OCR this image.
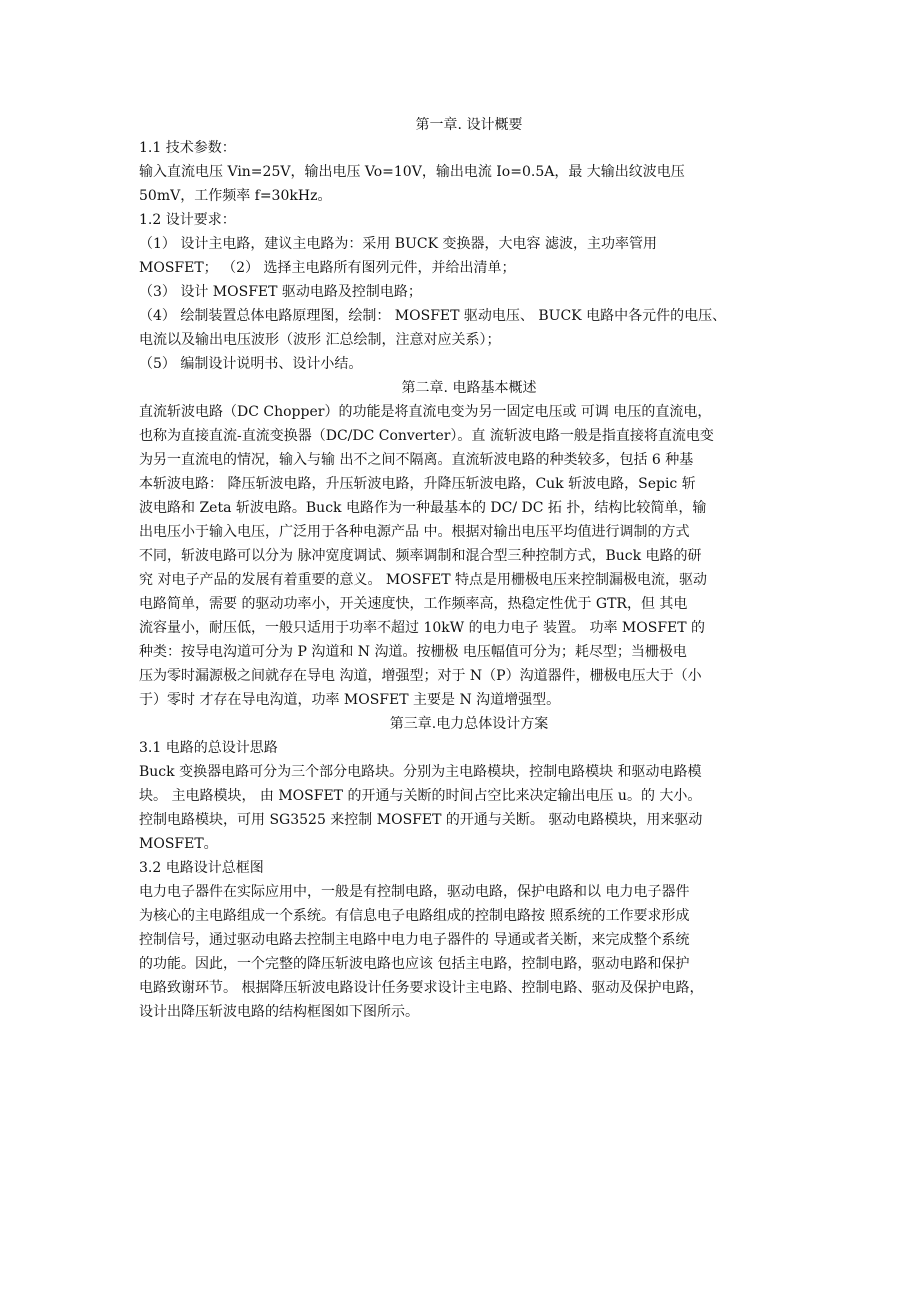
第一章. 设计概要
1.1 技术参数：
输入直流电压 Vin=25V，输出电压 Vo=10V，输出电流 Io=0.5A，最 大输出纹波电压
50mV，工作频率 f=30kHz。
1.2 设计要求：
（1） 设计主电路，建议主电路为：采用 BUCK 变换器，大电容 滤波，主功率管用
MOSFET； （2） 选择主电路所有图列元件，并给出清单；
（3） 设计 MOSFET 驱动电路及控制电路；
（4） 绘制装置总体电路原理图，绘制： MOSFET 驱动电压、 BUCK 电路中各元件的电压、
电流以及输出电压波形（波形 汇总绘制，注意对应关系）；
（5） 编制设计说明书、设计小结。
第二章. 电路基本概述
直流斩波电路（DC Chopper）的功能是将直流电变为另一固定电压或 可调 电压的直流电，
也称为直接直流-直流变换器（DC/DC Converter）。直 流斩波电路一般是指直接将直流电变
为另一直流电的情况，输入与输 出不之间不隔离。直流斩波电路的种类较多，包括 6 种基
本斩波电路： 降压斩波电路，升压斩波电路，升降压斩波电路，Cuk 斩波电路，Sepic 斩
波电路和 Zeta 斩波电路。Buck 电路作为一种最基本的 DC/ DC 拓 扑，结构比较简单，输
出电压小于输入电压，广泛用于各种电源产品 中。根据对输出电压平均值进行调制的方式
不同，斩波电路可以分为 脉冲宽度调试、频率调制和混合型三种控制方式，Buck 电路的研
究 对电子产品的发展有着重要的意义。 MOSFET 特点是用栅极电压来控制漏极电流，驱动
电路简单，需要 的驱动功率小，开关速度快，工作频率高，热稳定性优于 GTR，但 其电
流容量小，耐压低，一般只适用于功率不超过 10kW 的电力电子 装置。 功率 MOSFET 的
种类：按导电沟道可分为 P 沟道和 N 沟道。按栅极 电压幅值可分为；耗尽型；当栅极电
压为零时漏源极之间就存在导电 沟道，增强型；对于 N（P）沟道器件，栅极电压大于（小
于）零时 才存在导电沟道，功率 MOSFET 主要是 N 沟道增强型。
第三章.电力总体设计方案
3.1 电路的总设计思路
Buck 变换器电路可分为三个部分电路块。分别为主电路模块，控制电路模块 和驱动电路模
块。 主电路模块， 由 MOSFET 的开通与关断的时间占空比来决定输出电压 u。的 大小。
控制电路模块，可用 SG3525 来控制 MOSFET 的开通与关断。 驱动电路模块，用来驱动
MOSFET。
3.2 电路设计总框图
电力电子器件在实际应用中，一般是有控制电路，驱动电路，保护电路和以 电力电子器件
为核心的主电路组成一个系统。有信息电子电路组成的控制电路按 照系统的工作要求形成
控制信号，通过驱动电路去控制主电路中电力电子器件的 导通或者关断，来完成整个系统
的功能。因此，一个完整的降压斩波电路也应该 包括主电路，控制电路，驱动电路和保护
电路致谢环节。 根据降压斩波电路设计任务要求设计主电路、控制电路、驱动及保护电路，
设计出降压斩波电路的结构框图如下图所示。
